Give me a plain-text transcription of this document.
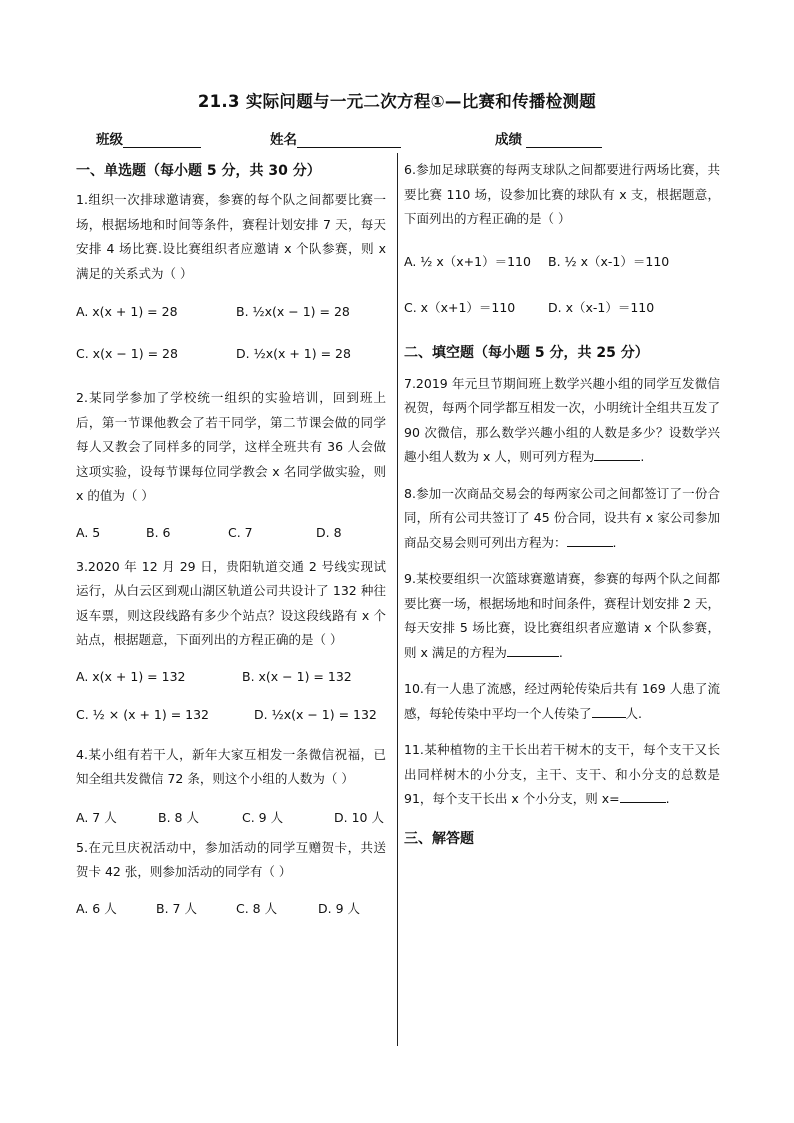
21.3 实际问题与一元二次方程①—比赛和传播检测题
班级	姓名	成绩

一、单选题（每小题 5 分，共 30 分）

1.组织一次排球邀请赛，参赛的每个队之间都要比赛一场，根据场地和时间等条件，赛程计划安排 7 天，每天安排 4 场比赛.设比赛组织者应邀请 x 个队参赛，则 x 满足的关系式为（ ）

A. x(x + 1) = 28	B. ½x(x − 1) = 28
C. x(x − 1) = 28	D. ½x(x + 1) = 28

2.某同学参加了学校统一组织的实验培训，回到班上后，第一节课他教会了若干同学，第二节课会做的同学每人又教会了同样多的同学，这样全班共有 36 人会做这项实验，设每节课每位同学教会 x 名同学做实验，则 x 的值为（ ）

A. 5	B. 6	C. 7	D. 8

3.2020 年 12 月 29 日，贵阳轨道交通 2 号线实现试运行，从白云区到观山湖区轨道公司共设计了 132 种往返车票，则这段线路有多少个站点？设这段线路有 x 个站点，根据题意，下面列出的方程正确的是（ ）

A. x(x + 1) = 132	B. x(x − 1) = 132
C. ½ × (x + 1) = 132	D. ½x(x − 1) = 132

4.某小组有若干人，新年大家互相发一条微信祝福，已知全组共发微信 72 条，则这个小组的人数为（ ）

A. 7 人	B. 8 人	C. 9 人	D. 10 人

5.在元旦庆祝活动中，参加活动的同学互赠贺卡，共送贺卡 42 张，则参加活动的同学有（ ）

A. 6 人	B. 7 人	C. 8 人	D. 9 人

6.参加足球联赛的每两支球队之间都要进行两场比赛，共要比赛 110 场，设参加比赛的球队有 x 支，根据题意，下面列出的方程正确的是（ ）

A. ½ x（x+1）＝110	B. ½ x（x-1）＝110
C. x（x+1）＝110	D. x（x-1）＝110

二、填空题（每小题 5 分，共 25 分）

7.2019 年元旦节期间班上数学兴趣小组的同学互发微信祝贺，每两个同学都互相发一次，小明统计全组共互发了 90 次微信，那么数学兴趣小组的人数是多少？设数学兴趣小组人数为 x 人，则可列方程为	.

8.参加一次商品交易会的每两家公司之间都签订了一份合同，所有公司共签订了 45 份合同，设共有 x 家公司参加商品交易会则可列出方程为：	.

9.某校要组织一次篮球赛邀请赛，参赛的每两个队之间都要比赛一场，根据场地和时间条件，赛程计划安排 2 天，每天安排 5 场比赛，设比赛组织者应邀请 x 个队参赛，则 x 满足的方程为	.

10.有一人患了流感，经过两轮传染后共有 169 人患了流感，每轮传染中平均一个人传染了	人.

11.某种植物的主干长出若干树木的支干，每个支干又长出同样树木的小分支，主干、支干、和小分支的总数是 91，每个支干长出 x 个小分支，则 x=	.

三、解答题
